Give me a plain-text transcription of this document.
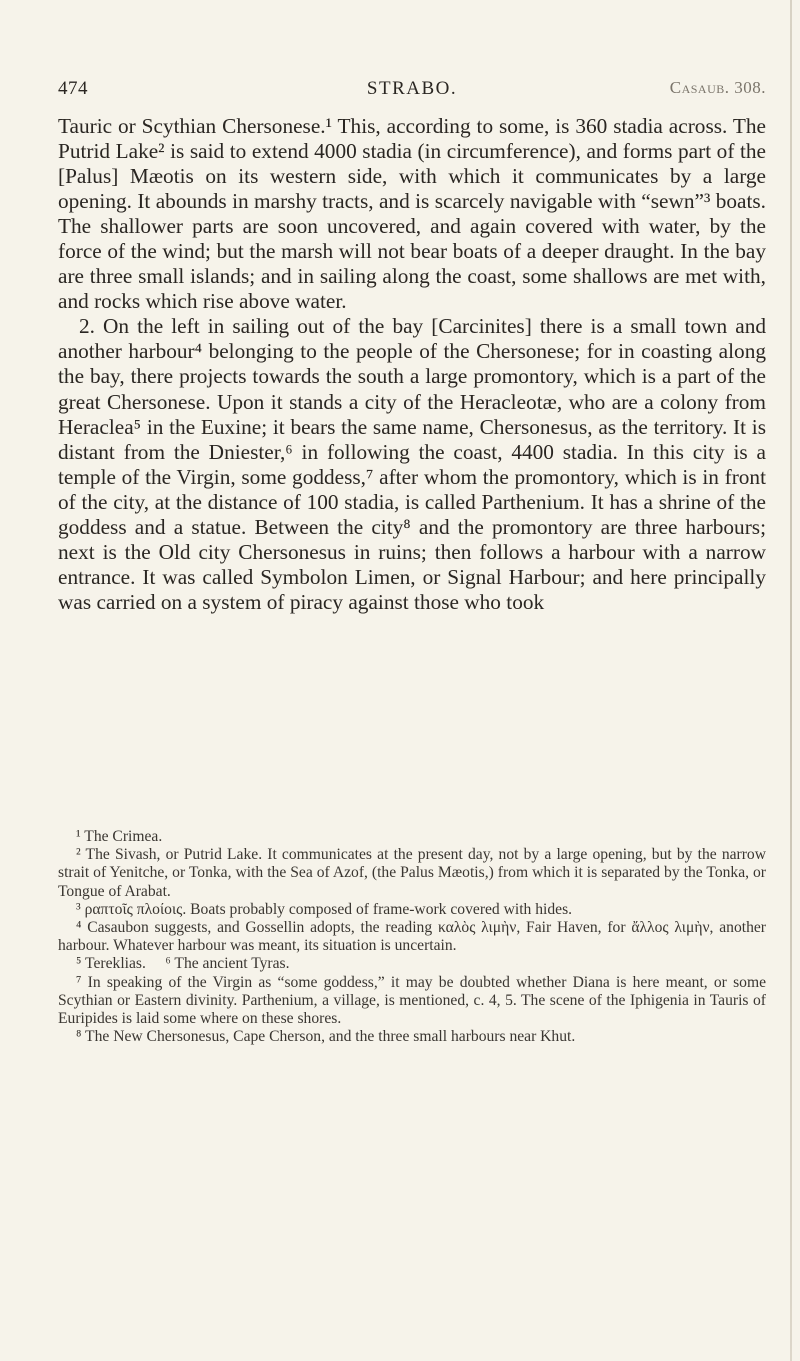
474	STRABO.	Casaub. 308.

Tauric or Scythian Chersonese.¹ This, according to some, is 360 stadia across. The Putrid Lake² is said to extend 4000 stadia (in circumference), and forms part of the [Palus] Mæotis on its western side, with which it communicates by a large opening. It abounds in marshy tracts, and is scarcely navigable with “sewn”³ boats. The shallower parts are soon uncovered, and again covered with water, by the force of the wind; but the marsh will not bear boats of a deeper draught. In the bay are three small islands; and in sailing along the coast, some shallows are met with, and rocks which rise above water.

2. On the left in sailing out of the bay [Carcinites] there is a small town and another harbour⁴ belonging to the people of the Chersonese; for in coasting along the bay, there projects towards the south a large promontory, which is a part of the great Chersonese. Upon it stands a city of the Heracleotæ, who are a colony from Heraclea⁵ in the Euxine; it bears the same name, Chersonesus, as the territory. It is distant from the Dniester,⁶ in following the coast, 4400 stadia. In this city is a temple of the Virgin, some goddess,⁷ after whom the promontory, which is in front of the city, at the distance of 100 stadia, is called Parthenium. It has a shrine of the goddess and a statue. Between the city⁸ and the promontory are three harbours; next is the Old city Chersonesus in ruins; then follows a harbour with a narrow entrance. It was called Symbolon Limen, or Signal Harbour; and here principally was carried on a system of piracy against those who took

¹ The Crimea.

² The Sivash, or Putrid Lake. It communicates at the present day, not by a large opening, but by the narrow strait of Yenitche, or Tonka, with the Sea of Azof, (the Palus Mæotis,) from which it is separated by the Tonka, or Tongue of Arabat.

³ ραπτοῖς πλοίοις. Boats probably composed of frame-work covered with hides.

⁴ Casaubon suggests, and Gossellin adopts, the reading καλὸς λιμὴν, Fair Haven, for ἄλλος λιμὴν, another harbour. Whatever harbour was meant, its situation is uncertain.

⁵ Tereklias.     ⁶ The ancient Tyras.

⁷ In speaking of the Virgin as “some goddess,” it may be doubted whether Diana is here meant, or some Scythian or Eastern divinity. Parthenium, a village, is mentioned, c. 4, 5. The scene of the Iphigenia in Tauris of Euripides is laid some where on these shores.

⁸ The New Chersonesus, Cape Cherson, and the three small harbours near Khut.
